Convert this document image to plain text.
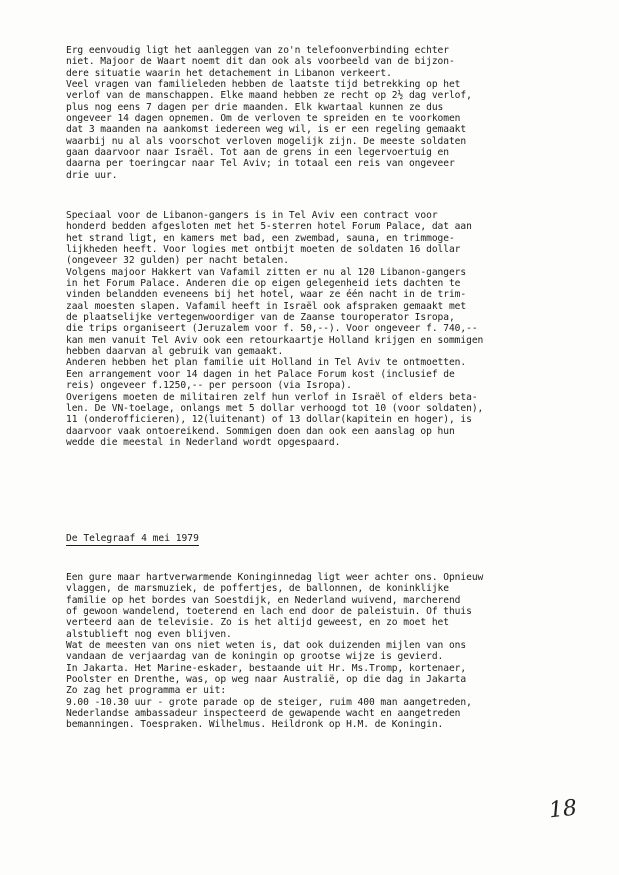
Erg eenvoudig ligt het aanleggen van zo'n telefoonverbinding echter
niet. Majoor de Waart noemt dit dan ook als voorbeeld van de bijzon-
dere situatie waarin het detachement in Libanon verkeert.
Veel vragen van familieleden hebben de laatste tijd betrekking op het
verlof van de manschappen. Elke maand hebben ze recht op 2½ dag verlof,
plus nog eens 7 dagen per drie maanden. Elk kwartaal kunnen ze dus
ongeveer 14 dagen opnemen. Om de verloven te spreiden en te voorkomen
dat 3 maanden na aankomst iedereen weg wil, is er een regeling gemaakt
waarbij nu al als voorschot verloven mogelijk zijn. De meeste soldaten
gaan daarvoor naar Israël. Tot aan de grens in een legervoertuig en
daarna per toeringcar naar Tel Aviv; in totaal een reis van ongeveer
drie uur.
Speciaal voor de Libanon-gangers is in Tel Aviv een contract voor
honderd bedden afgesloten met het 5-sterren hotel Forum Palace, dat aan
het strand ligt, en kamers met bad, een zwembad, sauna, en trimmoge-
lijkheden heeft. Voor logies met ontbijt moeten de soldaten 16 dollar
(ongeveer 32 gulden) per nacht betalen.
Volgens majoor Hakkert van Vafamil zitten er nu al 120 Libanon-gangers
in het Forum Palace. Anderen die op eigen gelegenheid iets dachten te
vinden belandden eveneens bij het hotel, waar ze één nacht in de trim-
zaal moesten slapen. Vafamil heeft in Israël ook afspraken gemaakt met
de plaatselijke vertegenwoordiger van de Zaanse touroperator Isropa,
die trips organiseert (Jeruzalem voor f. 50,--). Voor ongeveer f. 740,--
kan men vanuit Tel Aviv ook een retourkaartje Holland krijgen en sommigen
hebben daarvan al gebruik van gemaakt.
Anderen hebben het plan familie uit Holland in Tel Aviv te ontmoetten.
Een arrangement voor 14 dagen in het Palace Forum kost (inclusief de
reis) ongeveer f.1250,-- per persoon (via Isropa).
Overigens moeten de militairen zelf hun verlof in Israël of elders beta-
len. De VN-toelage, onlangs met 5 dollar verhoogd tot 10 (voor soldaten),
11 (onderofficieren), 12(luitenant) of 13 dollar(kapitein en hoger), is
daarvoor vaak ontoereikend. Sommigen doen dan ook een aanslag op hun
wedde die meestal in Nederland wordt opgespaard.
De Telegraaf 4 mei 1979
Een gure maar hartverwarmende Koninginnedag ligt weer achter ons. Opnieuw
vlaggen, de marsmuziek, de poffertjes, de ballonnen, de koninklijke
familie op het bordes van Soestdijk, en Nederland wuivend, marcherend
of gewoon wandelend, toeterend en lach end door de paleistuin. Of thuis
verteerd aan de televisie. Zo is het altijd geweest, en zo moet het
alstublieft nog even blijven.
Wat de meesten van ons niet weten is, dat ook duizenden mijlen van ons
vandaan de verjaardag van de koningin op grootse wijze is gevierd.
In Jakarta. Het Marine-eskader, bestaande uit Hr. Ms.Tromp, kortenaer,
Poolster en Drenthe, was, op weg naar Australië, op die dag in Jakarta
Zo zag het programma er uit:
9.00 -10.30 uur - grote parade op de steiger, ruim 400 man aangetreden,
Nederlandse ambassadeur inspecteerd de gewapende wacht en aangetreden
bemanningen. Toespraken. Wilhelmus. Heildronk op H.M. de Koningin.
18
